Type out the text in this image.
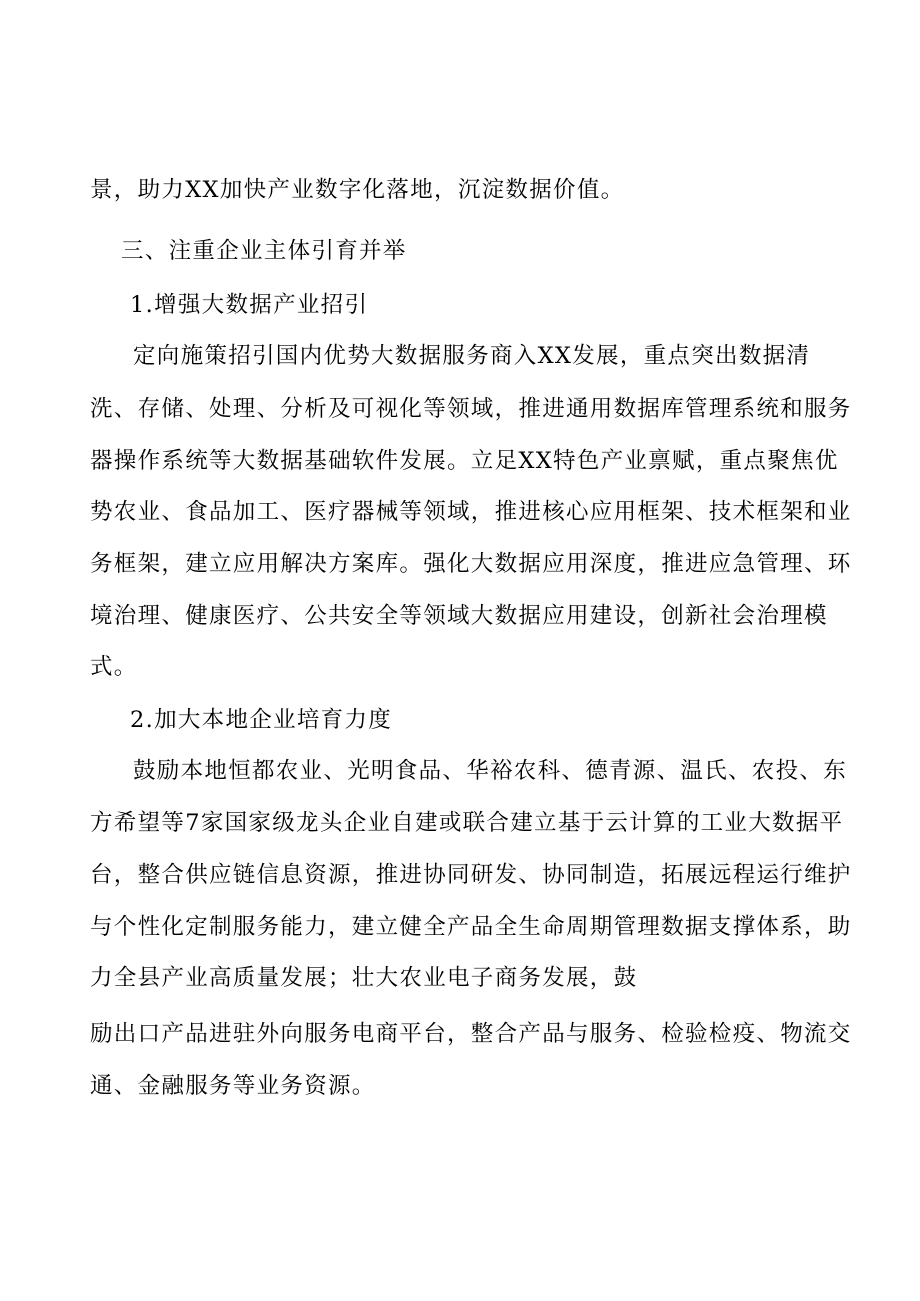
景，助力XX加快产业数字化落地，沉淀数据价值。

三、注重企业主体引育并举

1.增强大数据产业招引

定向施策招引国内优势大数据服务商入XX发展，重点突出数据清

洗、存储、处理、分析及可视化等领域，推进通用数据库管理系统和服务

器操作系统等大数据基础软件发展。立足XX特色产业禀赋，重点聚焦优

势农业、食品加工、医疗器械等领域，推进核心应用框架、技术框架和业

务框架，建立应用解决方案库。强化大数据应用深度，推进应急管理、环

境治理、健康医疗、公共安全等领域大数据应用建设，创新社会治理模

式。

2.加大本地企业培育力度

鼓励本地恒都农业、光明食品、华裕农科、德青源、温氏、农投、东

方希望等7家国家级龙头企业自建或联合建立基于云计算的工业大数据平

台，整合供应链信息资源，推进协同研发、协同制造，拓展远程运行维护

与个性化定制服务能力，建立健全产品全生命周期管理数据支撑体系，助

力全县产业高质量发展；壮大农业电子商务发展，鼓

励出口产品进驻外向服务电商平台，整合产品与服务、检验检疫、物流交

通、金融服务等业务资源。
